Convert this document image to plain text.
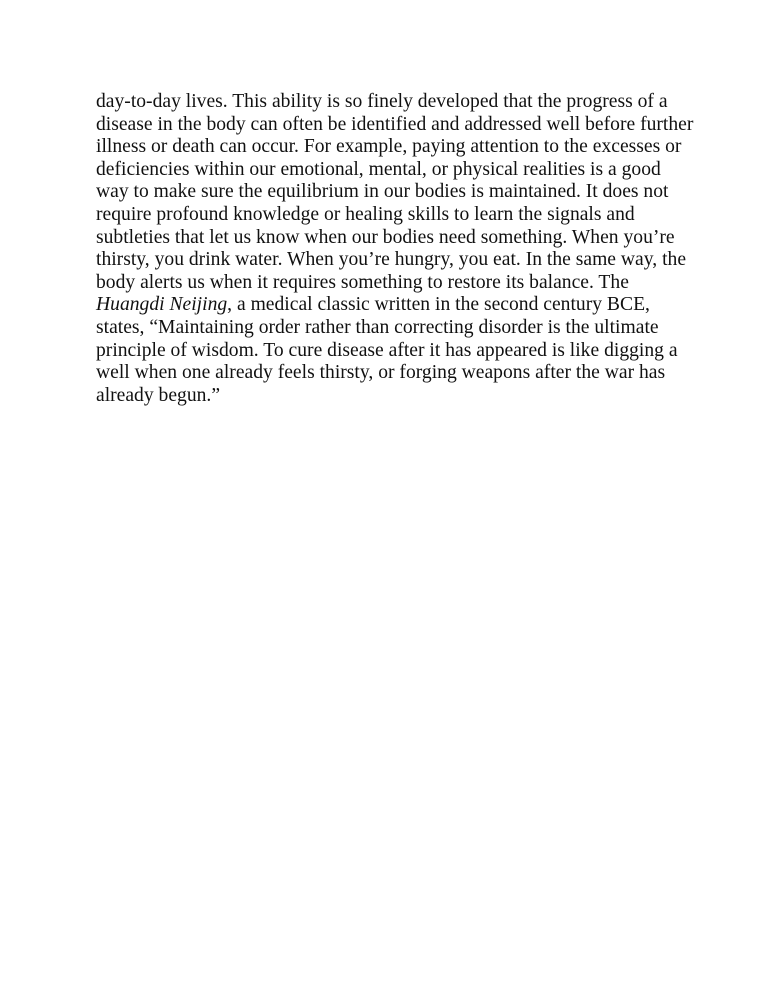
day-to-day lives. This ability is so finely developed that the progress of a
disease in the body can often be identified and addressed well before further
illness or death can occur. For example, paying attention to the excesses or
deficiencies within our emotional, mental, or physical realities is a good
way to make sure the equilibrium in our bodies is maintained. It does not
require profound knowledge or healing skills to learn the signals and
subtleties that let us know when our bodies need something. When you’re
thirsty, you drink water. When you’re hungry, you eat. In the same way, the
body alerts us when it requires something to restore its balance. The
Huangdi Neijing, a medical classic written in the second century BCE,
states, “Maintaining order rather than correcting disorder is the ultimate
principle of wisdom. To cure disease after it has appeared is like digging a
well when one already feels thirsty, or forging weapons after the war has
already begun.”
